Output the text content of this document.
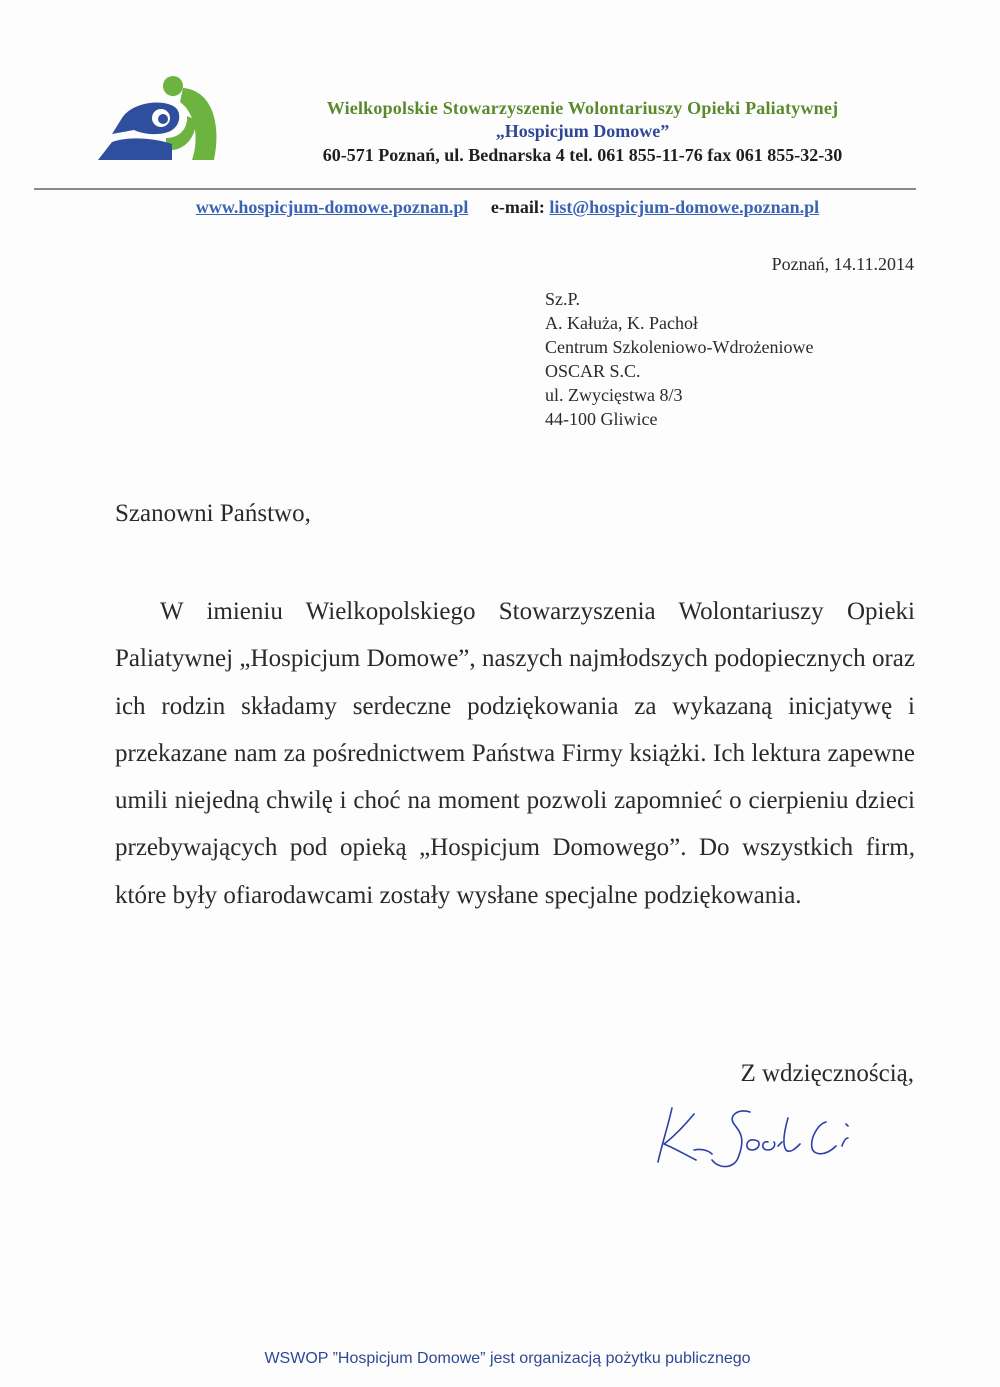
Wielkopolskie Stowarzyszenie Wolontariuszy Opieki Paliatywnej
„Hospicjum Domowe”
60-571 Poznań, ul. Bednarska 4 tel. 061 855-11-76 fax 061 855-32-30
www.hospicjum-domowe.poznan.pl e-mail: list@hospicjum-domowe.poznan.pl
Poznań, 14.11.2014
Sz.P.
A. Kałuża, K. Pachoł
Centrum Szkoleniowo-Wdrożeniowe
OSCAR S.C.
ul. Zwycięstwa 8/3
44-100 Gliwice
Szanowni Państwo,

W imieniu Wielkopolskiego Stowarzyszenia Wolontariuszy Opieki Paliatywnej „Hospicjum Domowe”, naszych najmłodszych podopiecznych oraz ich rodzin składamy serdeczne podziękowania za wykazaną inicjatywę i przekazane nam za pośrednictwem Państwa Firmy książki. Ich lektura zapewne umili niejedną chwilę i choć na moment pozwoli zapomnieć o cierpieniu dzieci przebywających pod opieką „Hospicjum Domowego”. Do wszystkich firm, które były ofiarodawcami zostały wysłane specjalne podziękowania.

Z wdzięcznością,
WSWOP ”Hospicjum Domowe” jest organizacją pożytku publicznego
